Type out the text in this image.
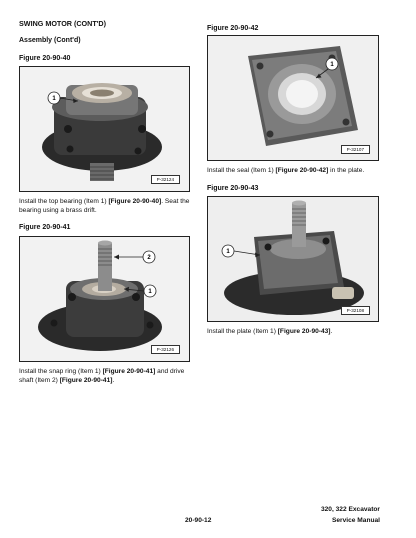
SWING MOTOR (CONT'D)
Assembly (Cont'd)
Figure 20-90-40
1
P-32124
Install the top bearing (Item 1) [Figure 20-90-40]. Seat the bearing using a brass drift.
Figure 20-90-41
2
1
P-32126
Install the snap ring (Item 1) [Figure 20-90-41] and drive shaft (Item 2) [Figure 20-90-41].
Figure 20-90-42
1
P-32107
Install the seal (Item 1) [Figure 20-90-42] in the plate.
Figure 20-90-43
1
P-32108
Install the plate (Item 1) [Figure 20-90-43].
20-90-12
320, 322 Excavator
Service Manual
